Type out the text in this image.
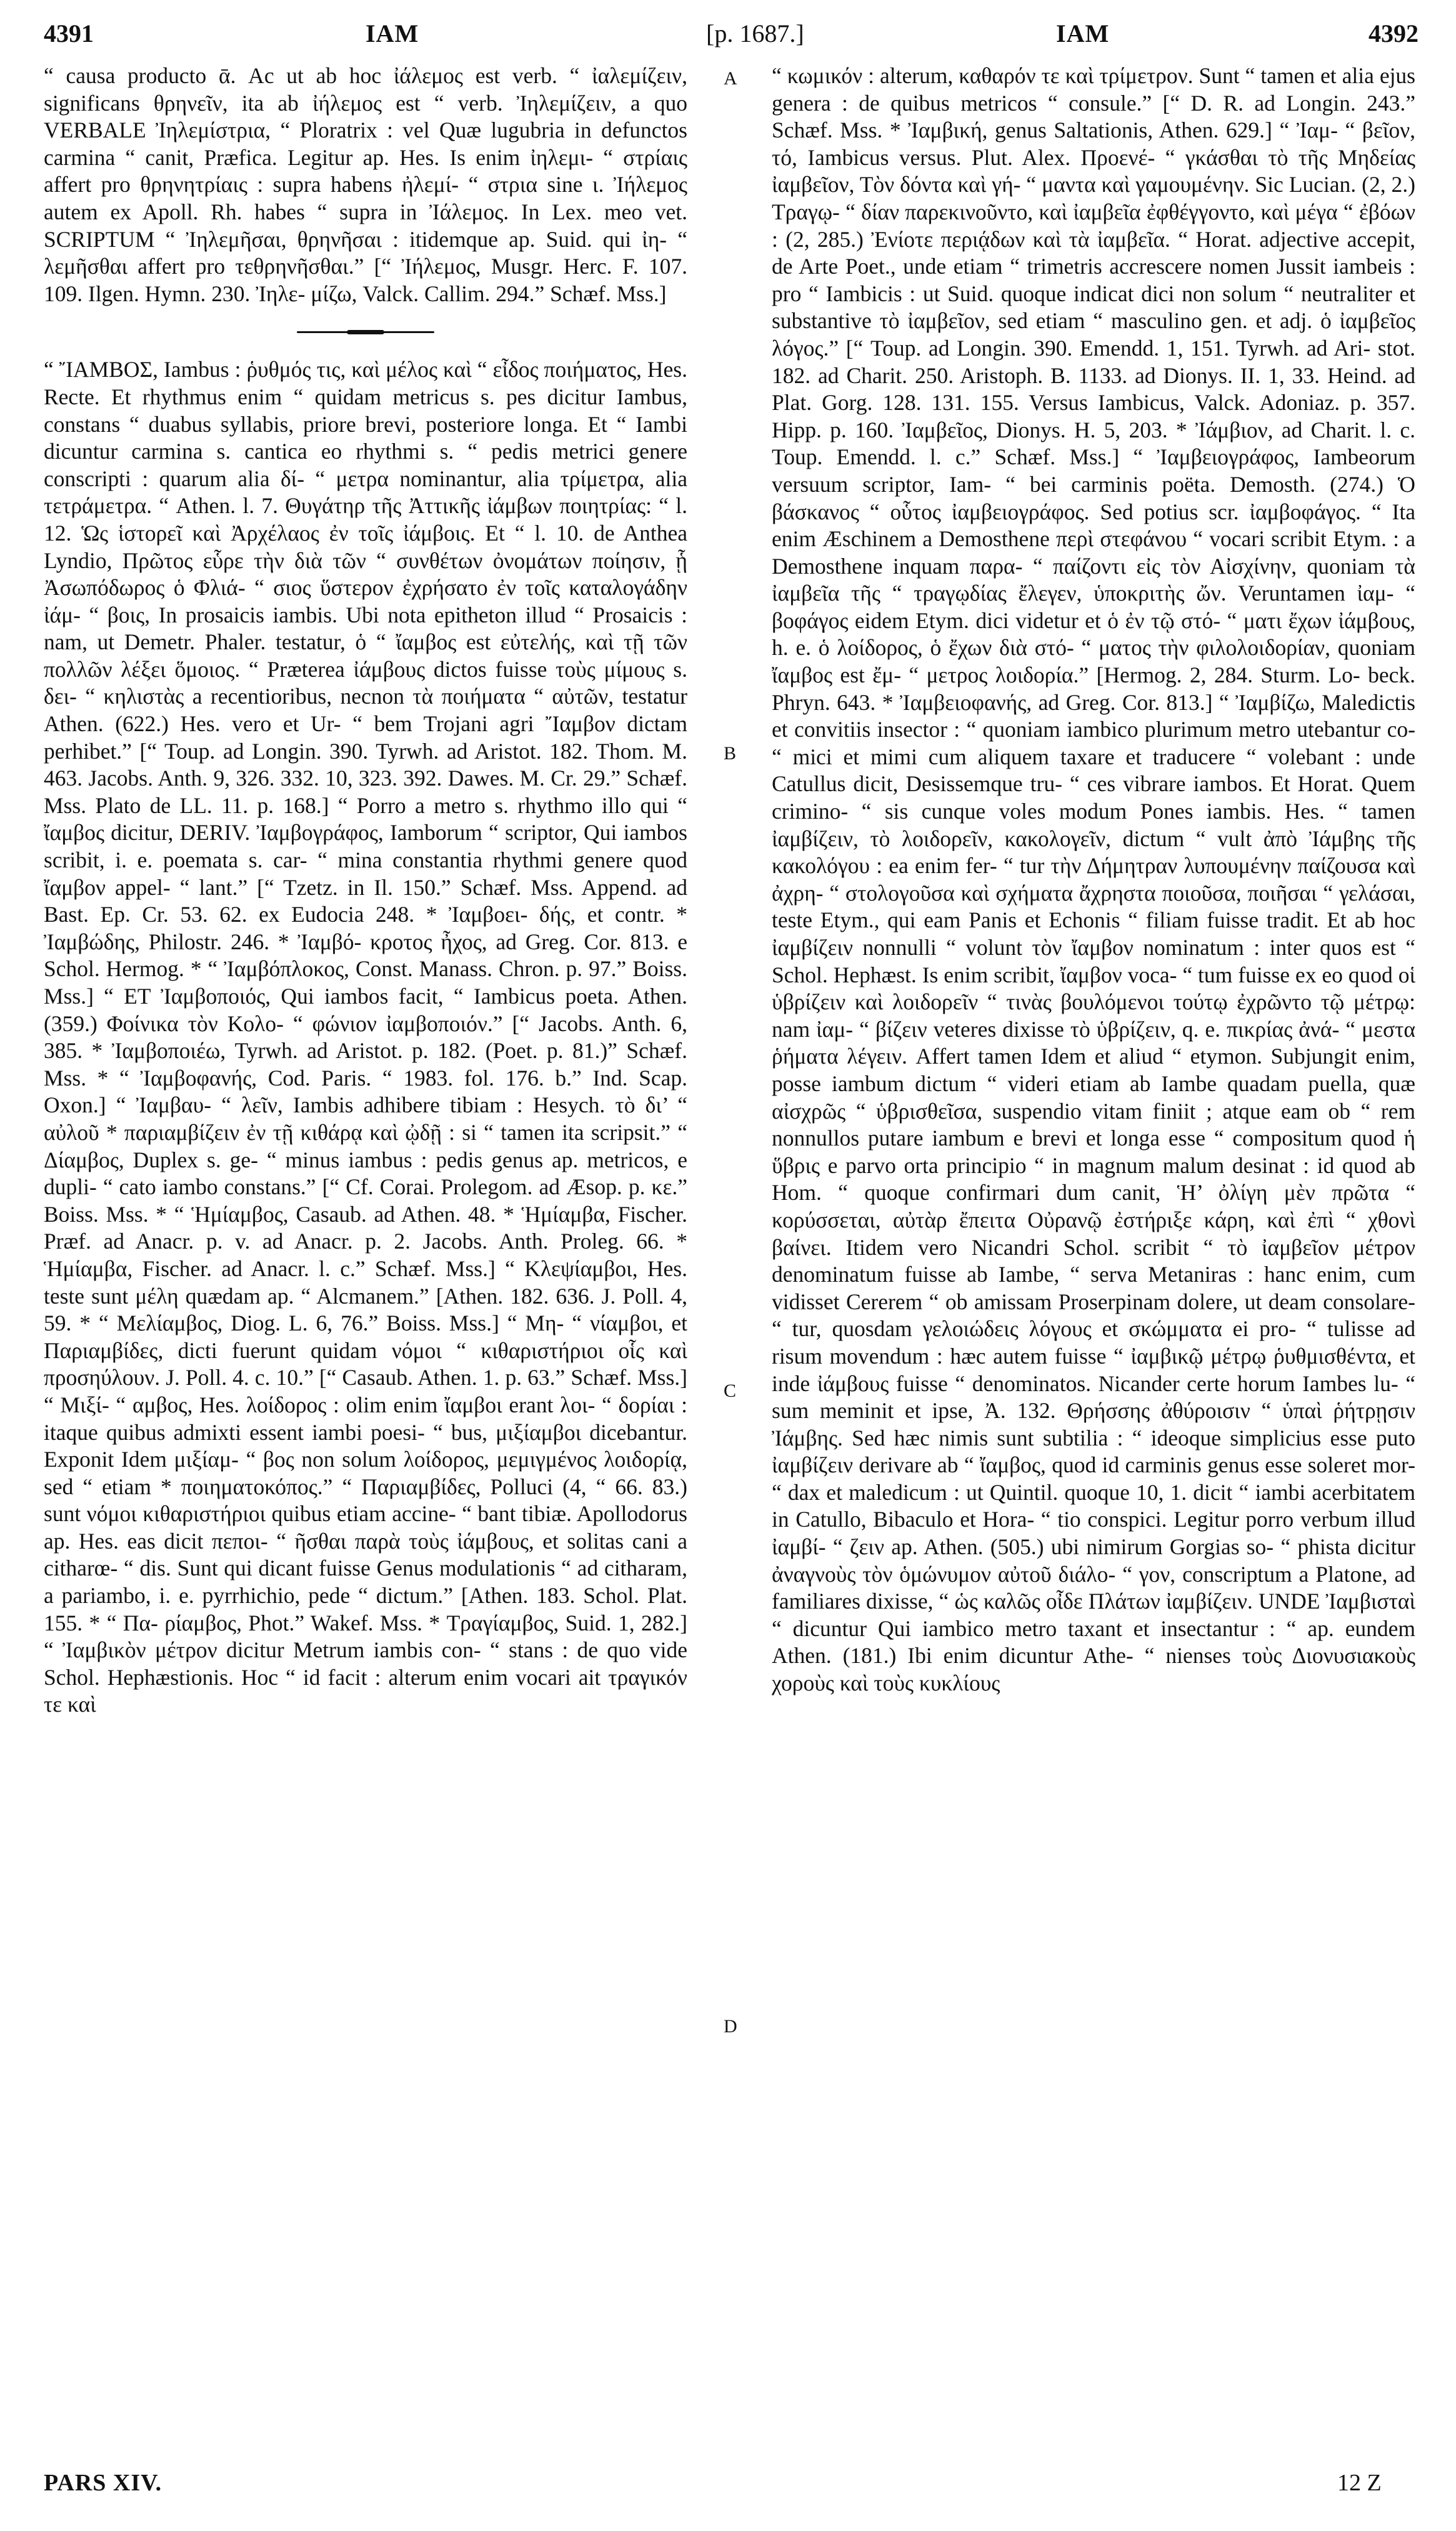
4391	IAM	[p. 1687.]	IAM	4392

“ causa producto ᾱ. Ac ut ab hoc ἰάλεμος est verb. “ ἰαλεμίζειν, significans θρηνεῖν, ita ab ἰήλεμος est “ verb. Ἰηλεμίζειν, a quo VERBALE Ἰηλεμίστρια, “ Ploratrix : vel Quæ lugubria in defunctos carmina “ canit, Præfica. Legitur ap. Hes. Is enim ἰηλεμι- “ στρίαις affert pro θρηνητρίαις : supra habens ἠλεμί- “ στρια sine ι. Ἰήλεμος autem ex Apoll. Rh. habes “ supra in Ἰάλεμος. In Lex. meo vet. SCRIPTUM “ Ἰηλεμῆσαι, θρηνῆσαι : itidemque ap. Suid. qui ἰη- “ λεμῆσθαι affert pro τεθρηνῆσθαι.” [“ Ἰήλεμος, Musgr. Herc. F. 107. 109. Ilgen. Hymn. 230. Ἰηλε- μίζω, Valck. Callim. 294.” Schæf. Mss.]

“ ἼΑΜΒΟΣ, Iambus : ῥυθμός τις, καὶ μέλος καὶ “ εἶδος ποιήματος, Hes. Recte. Et rhythmus enim “ quidam metricus s. pes dicitur Iambus, constans “ duabus syllabis, priore brevi, posteriore longa. Et “ Iambi dicuntur carmina s. cantica eo rhythmi s. “ pedis metrici genere conscripti : quarum alia δί- “ μετρα nominantur, alia τρίμετρα, alia τετράμετρα. “ Athen. l. 7. Θυγάτηρ τῆς Ἀττικῆς ἰάμβων ποιητρίας: “ l. 12. Ὡς ἱστορεῖ καὶ Ἀρχέλαος ἐν τοῖς ἰάμβοις. Et “ l. 10. de Anthea Lyndio, Πρῶτος εὗρε τὴν διὰ τῶν “ συνθέτων ὀνομάτων ποίησιν, ᾗ Ἀσωπόδωρος ὁ Φλιά- “ σιος ὕστερον ἐχρήσατο ἐν τοῖς καταλογάδην ἰάμ- “ βοις, In prosaicis iambis. Ubi nota epitheton illud “ Prosaicis : nam, ut Demetr. Phaler. testatur, ὁ “ ἴαμβος est εὐτελής, καὶ τῇ τῶν πολλῶν λέξει ὅμοιος. “ Præterea ἰάμβους dictos fuisse τοὺς μίμους s. δει- “ κηλιστὰς a recentioribus, necnon τὰ ποιήματα “ αὐτῶν, testatur Athen. (622.) Hes. vero et Ur- “ bem Trojani agri Ἴαμβον dictam perhibet.” [“ Toup. ad Longin. 390. Tyrwh. ad Aristot. 182. Thom. M. 463. Jacobs. Anth. 9, 326. 332. 10, 323. 392. Dawes. M. Cr. 29.” Schæf. Mss. Plato de LL. 11. p. 168.] “ Porro a metro s. rhythmo illo qui “ ἴαμβος dicitur, DERIV. Ἰαμβογράφος, Iamborum “ scriptor, Qui iambos scribit, i. e. poemata s. car- “ mina constantia rhythmi genere quod ἴαμβον appel- “ lant.” [“ Tzetz. in Il. 150.” Schæf. Mss. Append. ad Bast. Ep. Cr. 53. 62. ex Eudocia 248. * Ἰαμβοει- δής, et contr. * Ἰαμβώδης, Philostr. 246. * Ἰαμβό- κροτος ἦχος, ad Greg. Cor. 813. e Schol. Hermog. * “ Ἰαμβόπλοκος, Const. Manass. Chron. p. 97.” Boiss. Mss.] “ ET Ἰαμβοποιός, Qui iambos facit, “ Iambicus poeta. Athen. (359.) Φοίνικα τὸν Κολο- “ φώνιον ἰαμβοποιόν.” [“ Jacobs. Anth. 6, 385. * Ἰαμβοποιέω, Tyrwh. ad Aristot. p. 182. (Poet. p. 81.)” Schæf. Mss. * “ Ἰαμβοφανής, Cod. Paris. “ 1983. fol. 176. b.” Ind. Scap. Oxon.] “ Ἰαμβαυ- “ λεῖν, Iambis adhibere tibiam : Hesych. τὸ δι’ “ αὐλοῦ * παριαμβίζειν ἐν τῇ κιθάρᾳ καὶ ᾠδῇ : si “ tamen ita scripsit.” “ Δίαμβος, Duplex s. ge- “ minus iambus : pedis genus ap. metricos, e dupli- “ cato iambo constans.” [“ Cf. Corai. Prolegom. ad Æsop. p. κε.” Boiss. Mss. * “ Ἡμίαμβος, Casaub. ad Athen. 48. * Ἡμίαμβα, Fischer. Præf. ad Anacr. p. v. ad Anacr. p. 2. Jacobs. Anth. Proleg. 66. * Ἡμίαμβα, Fischer. ad Anacr. l. c.” Schæf. Mss.] “ Κλεψίαμβοι, Hes. teste sunt μέλη quædam ap. “ Alcmanem.” [Athen. 182. 636. J. Poll. 4, 59. * “ Μελίαμβος, Diog. L. 6, 76.” Boiss. Mss.] “ Μη- “ νίαμβοι, et Παριαμβίδες, dicti fuerunt quidam νόμοι “ κιθαριστήριοι οἷς καὶ προσηύλουν. J. Poll. 4. c. 10.” [“ Casaub. Athen. 1. p. 63.” Schæf. Mss.] “ Μιξί- “ αμβος, Hes. λοίδορος : olim enim ἴαμβοι erant λοι- “ δορίαι : itaque quibus admixti essent iambi poesi- “ bus, μιξίαμβοι dicebantur. Exponit Idem μιξίαμ- “ βος non solum λοίδορος, μεμιγμένος λοιδορίᾳ, sed “ etiam * ποιηματοκόπος.” “ Παριαμβίδες, Polluci (4, “ 66. 83.) sunt νόμοι κιθαριστήριοι quibus etiam accine- “ bant tibiæ. Apollodorus ap. Hes. eas dicit πεποι- “ ῆσθαι παρὰ τοὺς ἰάμβους, et solitas cani a citharœ- “ dis. Sunt qui dicant fuisse Genus modulationis “ ad citharam, a pariambo, i. e. pyrrhichio, pede “ dictum.” [Athen. 183. Schol. Plat. 155. * “ Πα- ρίαμβος, Phot.” Wakef. Mss. * Τραγίαμβος, Suid. 1, 282.] “ Ἰαμβικὸν μέτρον dicitur Metrum iambis con- “ stans : de quo vide Schol. Hephæstionis. Hoc “ id facit : alterum enim vocari ait τραγικόν τε καὶ

A
B
C
D

“ κωμικόν : alterum, καθαρόν τε καὶ τρίμετρον. Sunt “ tamen et alia ejus genera : de quibus metricos “ consule.” [“ D. R. ad Longin. 243.” Schæf. Mss. * Ἰαμβική, genus Saltationis, Athen. 629.] “ Ἰαμ- “ βεῖον, τό, Iambicus versus. Plut. Alex. Προενέ- “ γκάσθαι τὸ τῆς Μηδείας ἰαμβεῖον, Τὸν δόντα καὶ γή- “ μαντα καὶ γαμουμένην. Sic Lucian. (2, 2.) Τραγῳ- “ δίαν παρεκινοῦντο, καὶ ἰαμβεῖα ἐφθέγγοντο, καὶ μέγα “ ἐβόων : (2, 285.) Ἐνίοτε περιᾴδων καὶ τὰ ἰαμβεῖα. “ Horat. adjective accepit, de Arte Poet., unde etiam “ trimetris accrescere nomen Jussit iambeis : pro “ Iambicis : ut Suid. quoque indicat dici non solum “ neutraliter et substantive τὸ ἰαμβεῖον, sed etiam “ masculino gen. et adj. ὁ ἰαμβεῖος λόγος.” [“ Toup. ad Longin. 390. Emendd. 1, 151. Tyrwh. ad Ari- stot. 182. ad Charit. 250. Aristoph. B. 1133. ad Dionys. II. 1, 33. Heind. ad Plat. Gorg. 128. 131. 155. Versus Iambicus, Valck. Adoniaz. p. 357. Hipp. p. 160. Ἰαμβεῖος, Dionys. H. 5, 203. * Ἰάμβιον, ad Charit. l. c. Toup. Emendd. l. c.” Schæf. Mss.] “ Ἰαμβειογράφος, Iambeorum versuum scriptor, Iam- “ bei carminis poëta. Demosth. (274.) Ὁ βάσκανος “ οὗτος ἰαμβειογράφος. Sed potius scr. ἰαμβοφάγος. “ Ita enim Æschinem a Demosthene περὶ στεφάνου “ vocari scribit Etym. : a Demosthene inquam παρα- “ παίζοντι εἰς τὸν Αἰσχίνην, quoniam τὰ ἰαμβεῖα τῆς “ τραγῳδίας ἔλεγεν, ὑποκριτὴς ὤν. Veruntamen ἰαμ- “ βοφάγος eidem Etym. dici videtur et ὁ ἐν τῷ στό- “ ματι ἔχων ἰάμβους, h. e. ὁ λοίδορος, ὁ ἔχων διὰ στό- “ ματος τὴν φιλολοιδορίαν, quoniam ἴαμβος est ἔμ- “ μετρος λοιδορία.” [Hermog. 2, 284. Sturm. Lo- beck. Phryn. 643. * Ἰαμβειοφανής, ad Greg. Cor. 813.] “ Ἰαμβίζω, Maledictis et convitiis insector : “ quoniam iambico plurimum metro utebantur co- “ mici et mimi cum aliquem taxare et traducere “ volebant : unde Catullus dicit, Desissemque tru- “ ces vibrare iambos. Et Horat. Quem criminο- “ sis cunque voles modum Pones iambis. Hes. “ tamen ἰαμβίζειν, τὸ λοιδορεῖν, κακολογεῖν, dictum “ vult ἀπὸ Ἰάμβης τῆς κακολόγου : ea enim fer- “ tur τὴν Δήμητραν λυπουμένην παίζουσα καὶ ἀχρη- “ στολογοῦσα καὶ σχήματα ἄχρηστα ποιοῦσα, ποιῆσαι “ γελάσαι, teste Etym., qui eam Panis et Echonis “ filiam fuisse tradit. Et ab hoc ἰαμβίζειν nonnulli “ volunt τὸν ἴαμβον nominatum : inter quos est “ Schol. Hephæst. Is enim scribit, ἴαμβον voca- “ tum fuisse ex eo quod οἱ ὑβρίζειν καὶ λοιδορεῖν “ τινὰς βουλόμενοι τούτῳ ἐχρῶντο τῷ μέτρῳ: nam ἰαμ- “ βίζειν veteres dixisse τὸ ὑβρίζειν, q. e. πικρίας ἀνά- “ μεστα ῥήματα λέγειν. Affert tamen Idem et aliud “ etymon. Subjungit enim, posse iambum dictum “ videri etiam ab Iambe quadam puella, quæ αἰσχρῶς “ ὑβρισθεῖσα, suspendio vitam finiit ; atque eam ob “ rem nonnullos putare iambum e brevi et longa esse “ compositum quod ἡ ὕβρις e parvo orta principio “ in magnum malum desinat : id quod ab Hom. “ quoque confirmari dum canit, Ἡ’ ὀλίγη μὲν πρῶτα “ κορύσσεται, αὐτὰρ ἔπειτα Οὐρανῷ ἐστήριξε κάρη, καὶ ἐπὶ “ χθονὶ βαίνει. Itidem vero Nicandri Schol. scribit “ τὸ ἰαμβεῖον μέτρον denominatum fuisse ab Iambe, “ serva Metaniras : hanc enim, cum vidisset Cererem “ ob amissam Proserpinam dolere, ut deam consolare- “ tur, quosdam γελοιώδεις λόγους et σκώμματα ei pro- “ tulisse ad risum movendum : hæc autem fuisse “ ἰαμβικῷ μέτρῳ ῥυθμισθέντα, et inde ἰάμβους fuisse “ denominatos. Nicander certe horum Iambes lu- “ sum meminit et ipse, Ἀ. 132. Θρήσσης ἀθύροισιν “ ὑπαὶ ῥήτρῃσιν Ἰάμβης. Sed hæc nimis sunt subtilia : “ ideoque simplicius esse puto ἰαμβίζειν derivare ab “ ἴαμβος, quod id carminis genus esse soleret mor- “ dax et maledicum : ut Quintil. quoque 10, 1. dicit “ iambi acerbitatem in Catullo, Bibaculo et Hora- “ tio conspici. Legitur porro verbum illud ἰαμβί- “ ζειν ap. Athen. (505.) ubi nimirum Gorgias so- “ phista dicitur ἀναγνοὺς τὸν ὁμώνυμον αὐτοῦ διάλο- “ γον, conscriptum a Platone, ad familiares dixisse, “ ὡς καλῶς οἶδε Πλάτων ἰαμβίζειν. UNDE Ἰαμβισταὶ “ dicuntur Qui iambico metro taxant et insectantur : “ ap. eundem Athen. (181.) Ibi enim dicuntur Athe- “ nienses τοὺς Διονυσιακοὺς χοροὺς καὶ τοὺς κυκλίους

PARS XIV.	12 Z
